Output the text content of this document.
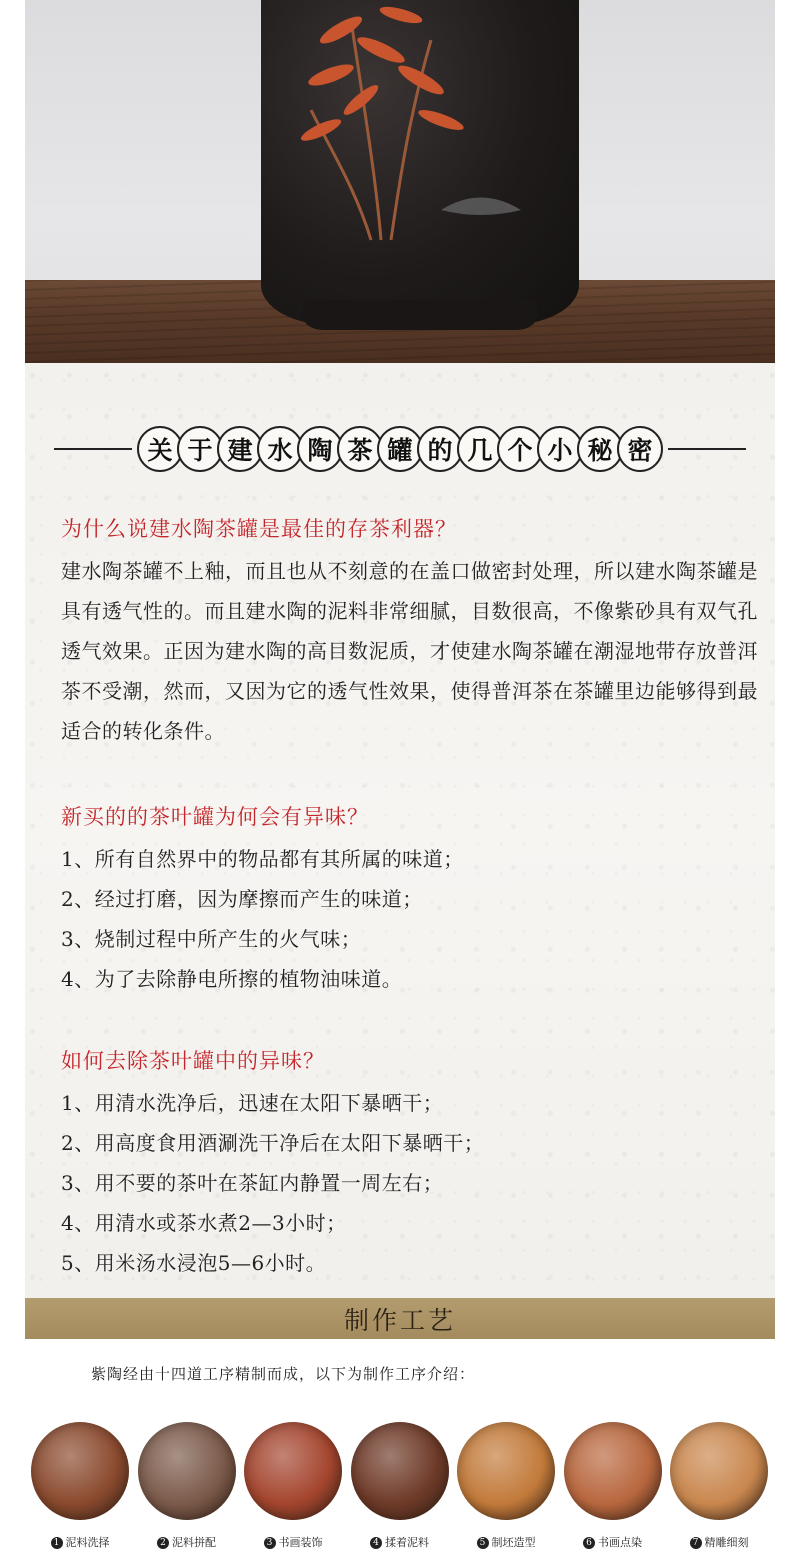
关 于 建 水 陶 茶 罐 的 几 个 小 秘 密
为什么说建水陶茶罐是最佳的存茶利器？

建水陶茶罐不上釉，而且也从不刻意的在盖口做密封处理，所以建水陶茶罐是具有透气性的。而且建水陶的泥料非常细腻，目数很高，不像紫砂具有双气孔透气效果。正因为建水陶的高目数泥质，才使建水陶茶罐在潮湿地带存放普洱茶不受潮，然而，又因为它的透气性效果，使得普洱茶在茶罐里边能够得到最适合的转化条件。

新买的的茶叶罐为何会有异味？
1、所有自然界中的物品都有其所属的味道；
2、经过打磨，因为摩擦而产生的味道；
3、烧制过程中所产生的火气味；
4、为了去除静电所擦的植物油味道。
如何去除茶叶罐中的异味？
1、用清水洗净后，迅速在太阳下暴晒干；
2、用高度食用酒涮洗干净后在太阳下暴晒干；
3、用不要的茶叶在茶缸内静置一周左右；
4、用清水或茶水煮2—3小时；
5、用米汤水浸泡5—6小时。
制作工艺
紫陶经由十四道工序精制而成，以下为制作工序介绍：
1 泥料洗择	2 泥料拼配	3 书画装饰	4 揉着泥料	5 制坯造型	6 书画点染	7 精雕细刻
